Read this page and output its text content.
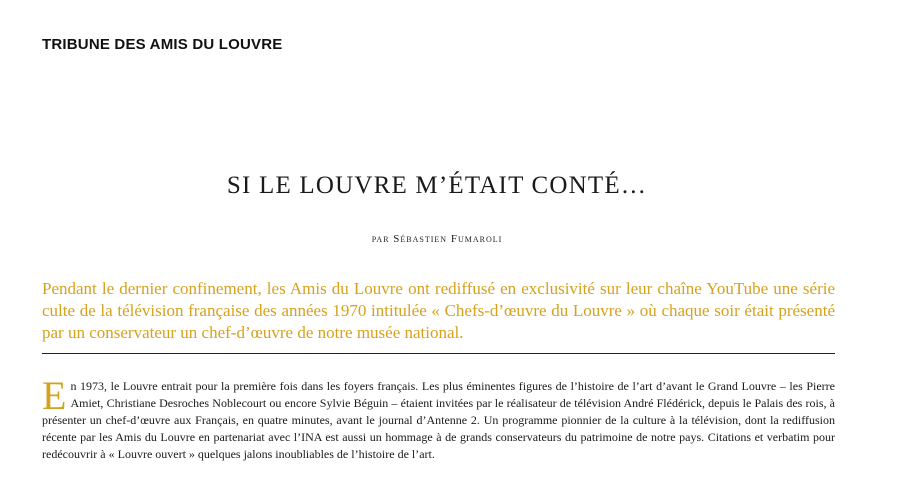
TRIBUNE DES AMIS DU LOUVRE
SI LE LOUVRE M’ÉTAIT CONTÉ…
par Sébastien Fumaroli

Pendant le dernier confinement, les Amis du Louvre ont rediffusé en exclusivité sur leur chaîne YouTube une série culte de la télévision française des années 1970 intitulée « Chefs-d’œuvre du Louvre » où chaque soir était présenté par un conservateur un chef-d’œuvre de notre musée national.

En 1973, le Louvre entrait pour la première fois dans les foyers français. Les plus éminentes figures de l’histoire de l’art d’avant le Grand Louvre – les Pierre Amiet, Christiane Desroches Noblecourt ou encore Sylvie Béguin – étaient invitées par le réalisateur de télévision André Flédérick, depuis le Palais des rois, à présenter un chef-d’œuvre aux Français, en quatre minutes, avant le journal d’Antenne 2. Un programme pionnier de la culture à la télévision, dont la rediffusion récente par les Amis du Louvre en partenariat avec l’INA est aussi un hommage à de grands conservateurs du patrimoine de notre pays. Citations et verbatim pour redécouvrir à « Louvre ouvert » quelques jalons inoubliables de l’histoire de l’art.
